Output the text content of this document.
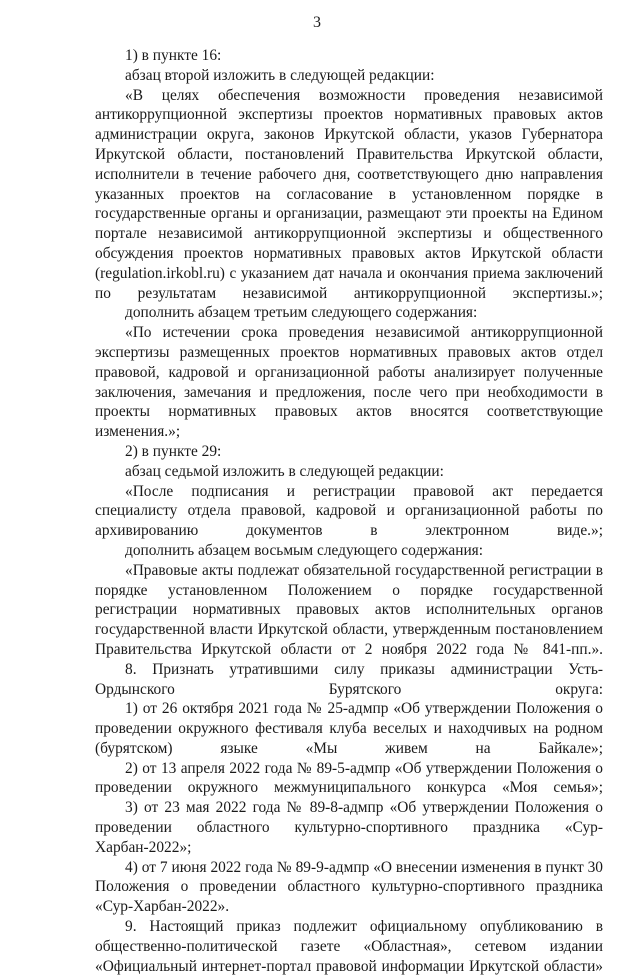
3

1) в пункте 16:

абзац второй изложить в следующей редакции:

«В целях обеспечения возможности проведения независимой антикоррупционной экспертизы проектов нормативных правовых актов администрации округа, законов Иркутской области, указов Губернатора Иркутской области, постановлений Правительства Иркутской области, исполнители в течение рабочего дня, соответствующего дню направления указанных проектов на согласование в установленном порядке в государственные органы и организации, размещают эти проекты на Едином портале независимой антикоррупционной экспертизы и общественного обсуждения проектов нормативных правовых актов Иркутской области (regulation.irkobl.ru) с указанием дат начала и окончания приема заключений по результатам независимой антикоррупционной экспертизы.»;

дополнить абзацем третьим следующего содержания:

«По истечении срока проведения независимой антикоррупционной экспертизы размещенных проектов нормативных правовых актов отдел правовой, кадровой и организационной работы анализирует полученные заключения, замечания и предложения, после чего при необходимости в проекты нормативных правовых актов вносятся соответствующие изменения.»;

2) в пункте 29:

абзац седьмой изложить в следующей редакции:

«После подписания и регистрации правовой акт передается специалисту отдела правовой, кадровой и организационной работы по архивированию документов в электронном виде.»;

дополнить абзацем восьмым следующего содержания:

«Правовые акты подлежат обязательной государственной регистрации в порядке установленном Положением о порядке государственной регистрации нормативных правовых актов исполнительных органов государственной власти Иркутской области, утвержденным постановлением Правительства Иркутской области от 2 ноября 2022 года № 841-пп.».

8. Признать утратившими силу приказы администрации Усть-Ордынского Бурятского округа:

1) от 26 октября 2021 года № 25-адмпр «Об утверждении Положения о проведении окружного фестиваля клуба веселых и находчивых на родном (бурятском) языке «Мы живем на Байкале»;

2) от 13 апреля 2022 года № 89-5-адмпр «Об утверждении Положения о проведении окружного межмуниципального конкурса «Моя семья»;

3) от 23 мая 2022 года № 89-8-адмпр «Об утверждении Положения о проведении областного культурно-спортивного праздника «Сур-Харбан-2022»;

4) от 7 июня 2022 года № 89-9-адмпр «О внесении изменения в пункт 30 Положения о проведении областного культурно-спортивного праздника «Сур-Харбан-2022».

9. Настоящий приказ подлежит официальному опубликованию в общественно-политической газете «Областная», сетевом издании «Официальный интернет-портал правовой информации Иркутской области»
